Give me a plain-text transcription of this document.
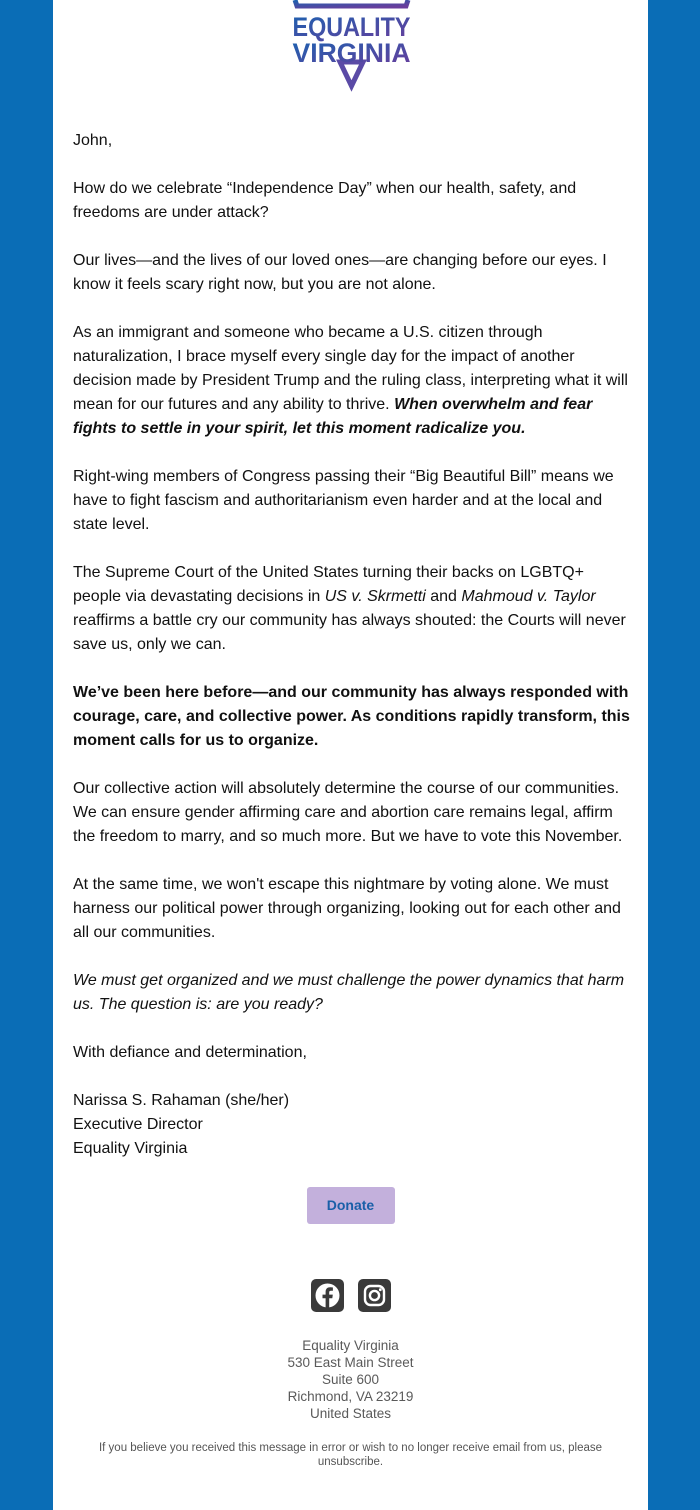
EQUALITY
VIRGINIA

John,

How do we celebrate “Independence Day” when our health, safety, and freedoms are under attack?

Our lives—and the lives of our loved ones—are changing before our eyes. I know it feels scary right now, but you are not alone.

As an immigrant and someone who became a U.S. citizen through naturalization, I brace myself every single day for the impact of another decision made by President Trump and the ruling class, interpreting what it will mean for our futures and any ability to thrive. When overwhelm and fear fights to settle in your spirit, let this moment radicalize you.

Right-wing members of Congress passing their “Big Beautiful Bill” means we have to fight fascism and authoritarianism even harder and at the local and state level.

The Supreme Court of the United States turning their backs on LGBTQ+ people via devastating decisions in US v. Skrmetti and Mahmoud v. Taylor reaffirms a battle cry our community has always shouted: the Courts will never save us, only we can.

We’ve been here before—and our community has always responded with courage, care, and collective power. As conditions rapidly transform, this moment calls for us to organize.

Our collective action will absolutely determine the course of our communities. We can ensure gender affirming care and abortion care remains legal, affirm the freedom to marry, and so much more. But we have to vote this November.

At the same time, we won't escape this nightmare by voting alone. We must harness our political power through organizing, looking out for each other and all our communities.

We must get organized and we must challenge the power dynamics that harm us. The question is: are you ready?

With defiance and determination,

Narissa S. Rahaman (she/her)

Executive Director

Equality Virginia

Donate

Equality Virginia
530 East Main Street
Suite 600
Richmond, VA 23219
United States
If you believe you received this message in error or wish to no longer receive email from us, please unsubscribe.
